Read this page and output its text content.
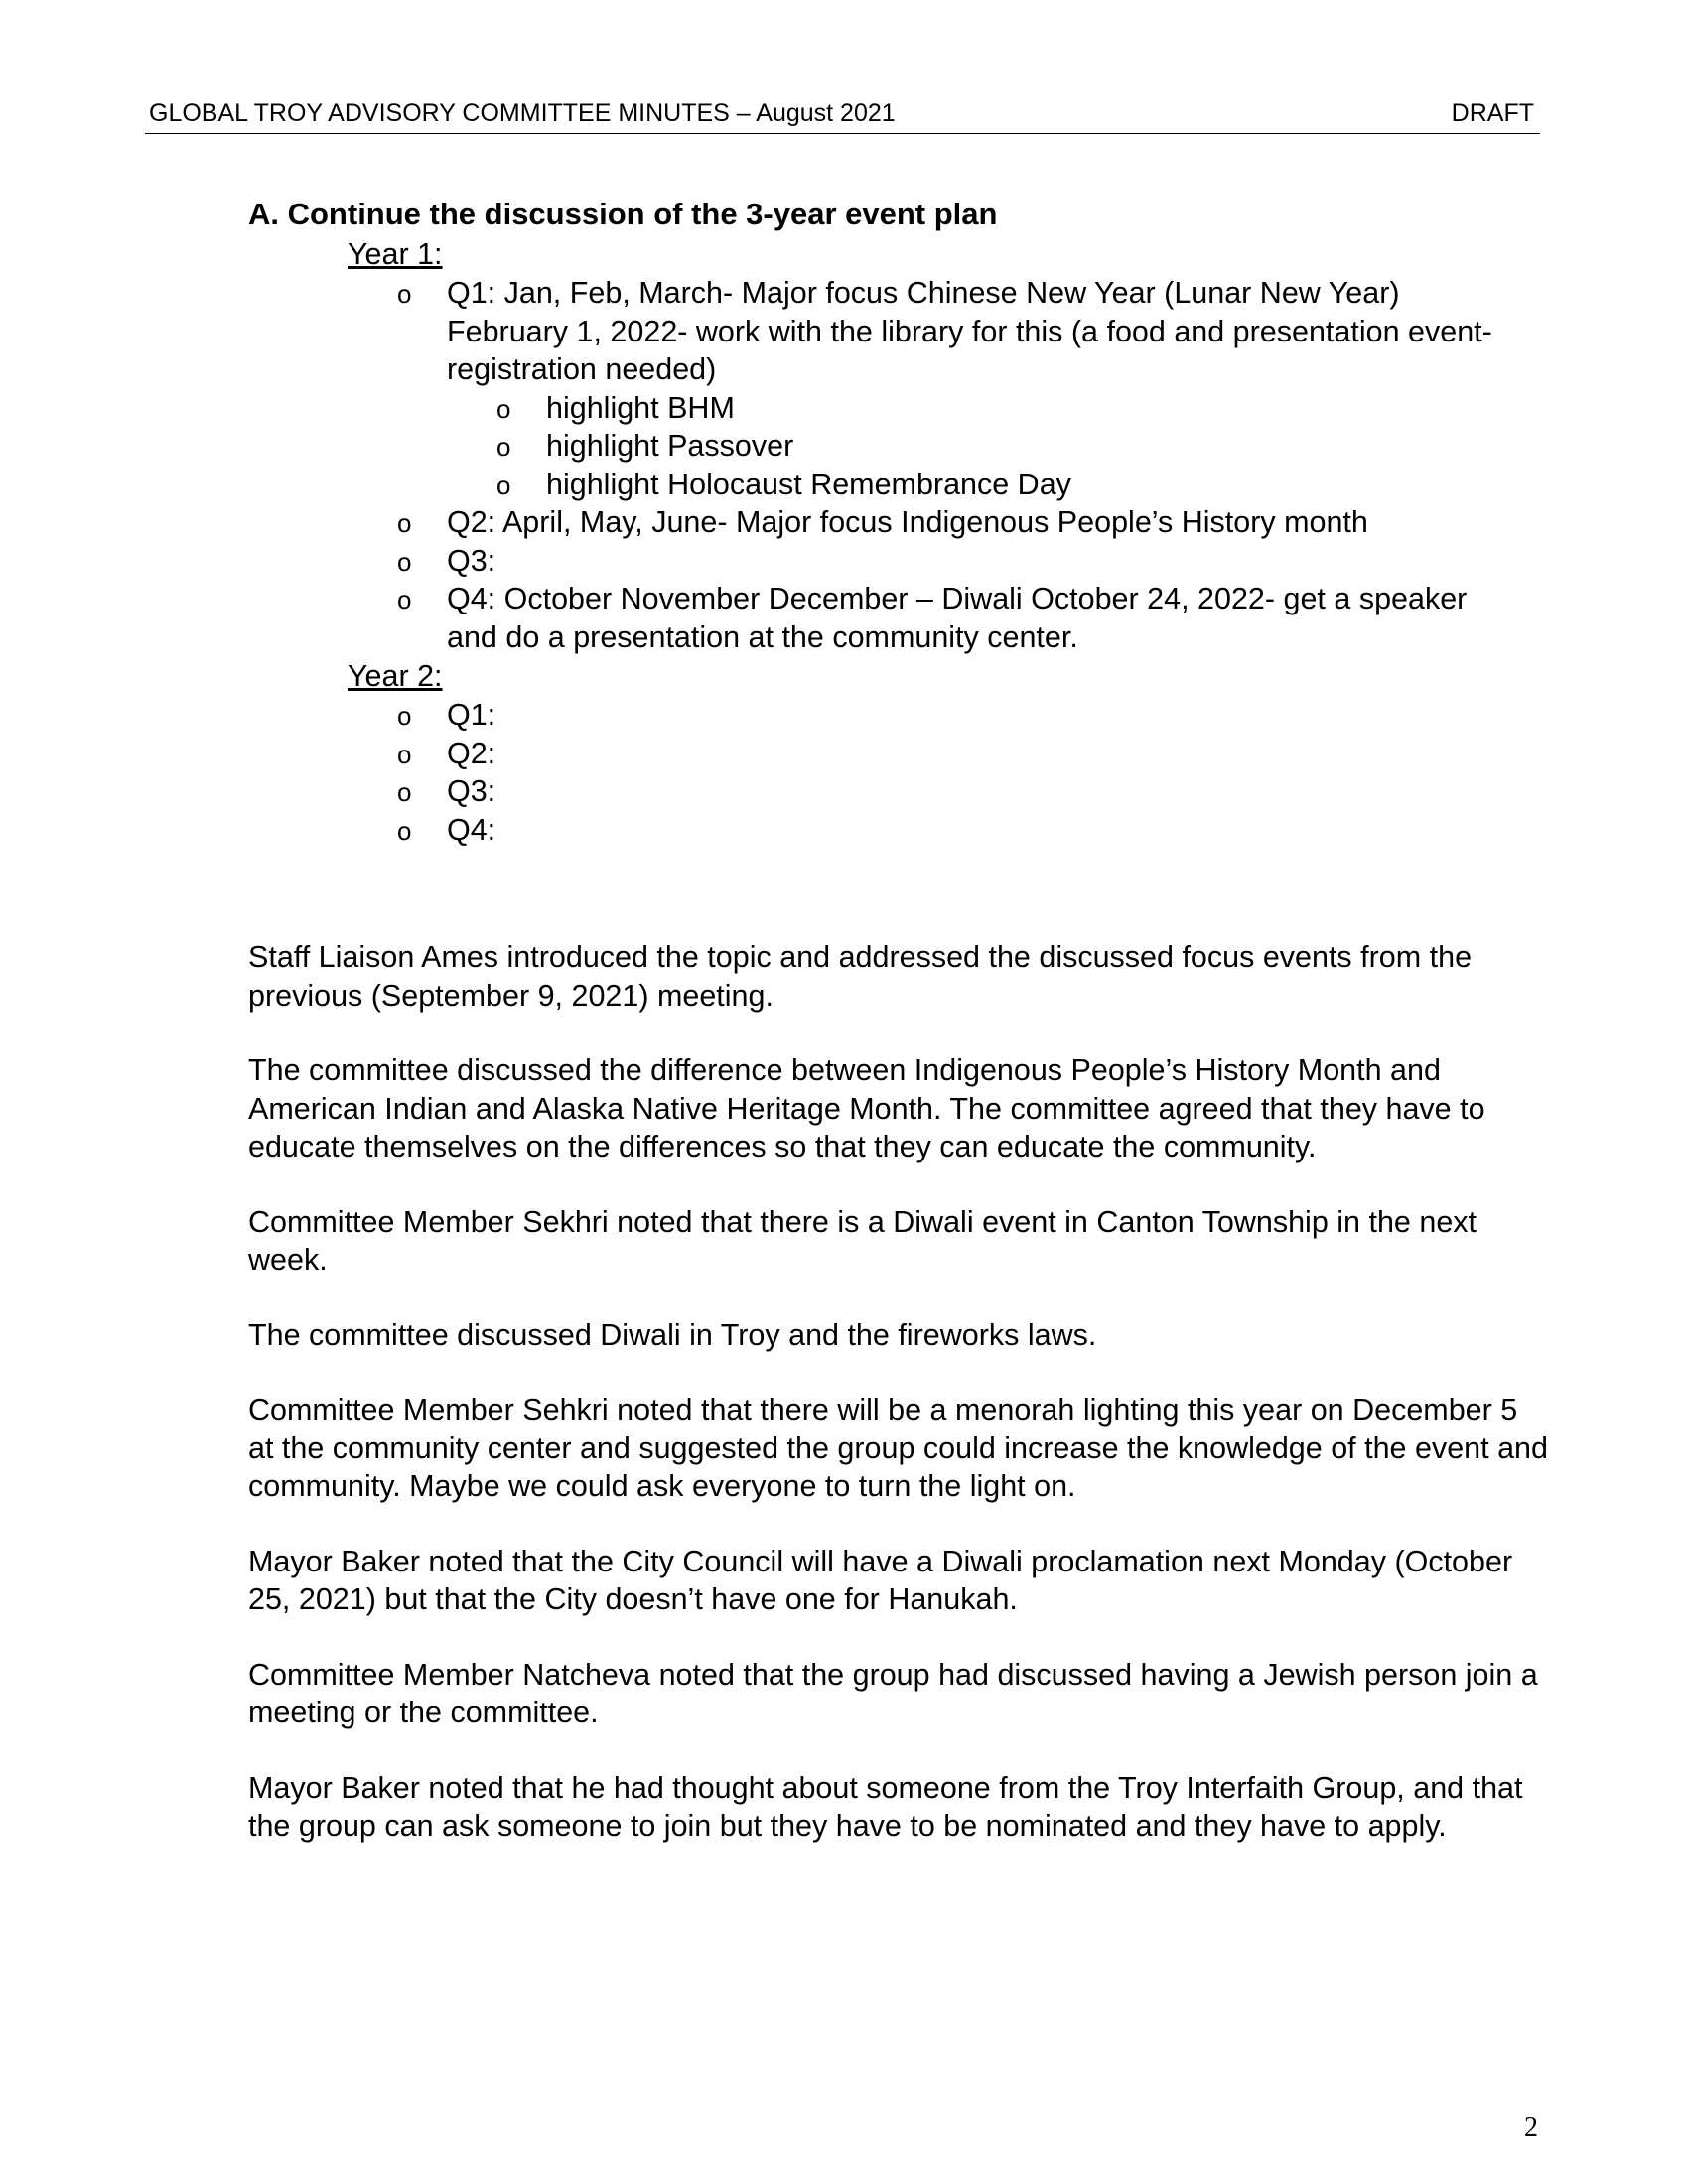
GLOBAL TROY ADVISORY COMMITTEE MINUTES – August 2021	DRAFT
A. Continue the discussion of the 3-year event plan
Year 1:
o Q1: Jan, Feb, March- Major focus Chinese New Year (Lunar New Year) February 1, 2022- work with the library for this (a food and presentation event- registration needed)
o highlight BHM
o highlight Passover
o highlight Holocaust Remembrance Day
o Q2: April, May, June- Major focus Indigenous People’s History month
o Q3:
o Q4: October November December – Diwali October 24, 2022- get a speaker and do a presentation at the community center.
Year 2:
o Q1:
o Q2:
o Q3:
o Q4:

Staff Liaison Ames introduced the topic and addressed the discussed focus events from the previous (September 9, 2021) meeting.

The committee discussed the difference between Indigenous People’s History Month and American Indian and Alaska Native Heritage Month. The committee agreed that they have to educate themselves on the differences so that they can educate the community.

Committee Member Sekhri noted that there is a Diwali event in Canton Township in the next week.

The committee discussed Diwali in Troy and the fireworks laws.

Committee Member Sehkri noted that there will be a menorah lighting this year on December 5 at the community center and suggested the group could increase the knowledge of the event and community. Maybe we could ask everyone to turn the light on.

Mayor Baker noted that the City Council will have a Diwali proclamation next Monday (October 25, 2021) but that the City doesn’t have one for Hanukah.

Committee Member Natcheva noted that the group had discussed having a Jewish person join a meeting or the committee.

Mayor Baker noted that he had thought about someone from the Troy Interfaith Group, and that the group can ask someone to join but they have to be nominated and they have to apply.

2
